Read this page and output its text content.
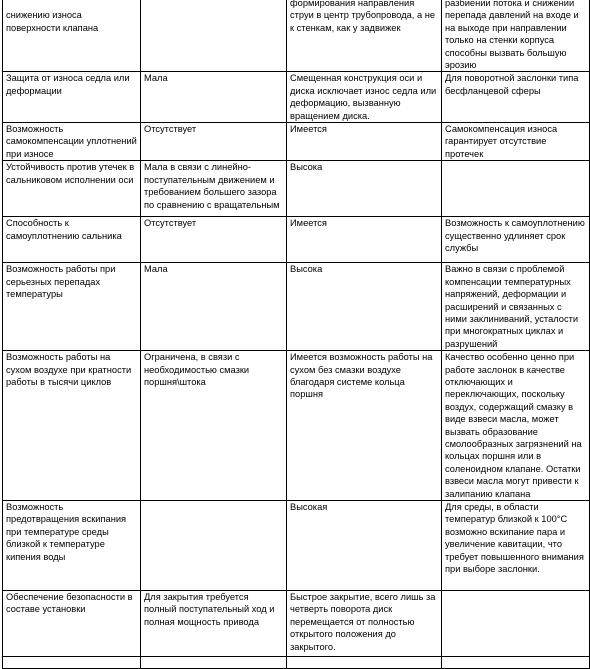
снижению износа поверхности клапана		формирования направления струи в центр трубопровода, а не к стенкам, как у задвижек	разбиении потока и снижении перепада давлений на входе и на выходе при направлении только на стенки корпуса способны вызвать большую эрозию
Защита от износа седла или деформации	Мала	Смещенная конструкция оси и диска исключает износ седла или деформацию, вызванную вращением диска.	Для поворотной заслонки типа бесфланцевой сферы
Возможность самокомпенсации уплотнений при износе	Отсутствует	Имеется	Самокомпенсация износа гарантирует отсутствие протечек
Устойчивость против утечек в сальниковом исполнении оси	Мала в связи с линейно-поступательным движением и требованием большего зазора по сравнению с вращательным	Высока	
Способность к самоуплотнению сальника	Отсутствует	Имеется	Возможность к самоуплотнению существенно удлиняет срок службы
Возможность работы при серьезных перепадах температуры	Мала	Высока	Важно в связи с проблемой компенсации температурных напряжений, деформации и расширений и связанных с ними заклиниваний, усталости при многократных циклах и разрушений
Возможность работы на сухом воздухе при кратности работы в тысячи циклов	Ограничена, в связи с необходимостью смазки поршня\штока	Имеется возможность работы на сухом без смазки воздухе благодаря системе кольца поршня	Качество особенно ценно при работе заслонок в качестве отключающих и переключающих, поскольку воздух, содержащий смазку в виде взвеси масла, может вызвать образование смолообразных загрязнений на кольцах поршня или в соленоидном клапане. Остатки взвеси масла могут привести к залипанию клапана
Возможность предотвращения вскипания при температуре среды близкой к температуре кипения воды		Высокая	Для среды, в области температур близкой к 100°С возможно вскипание пара и увеличение кавитации, что требует повышенного внимания при выборе заслонки.
Обеспечение безопасности в составе установки	Для закрытия требуется полный поступательный ход и полная мощность привода	Быстрое закрытие, всего лишь за четверть поворота диск перемещается от полностью открытого положения до закрытого.	
